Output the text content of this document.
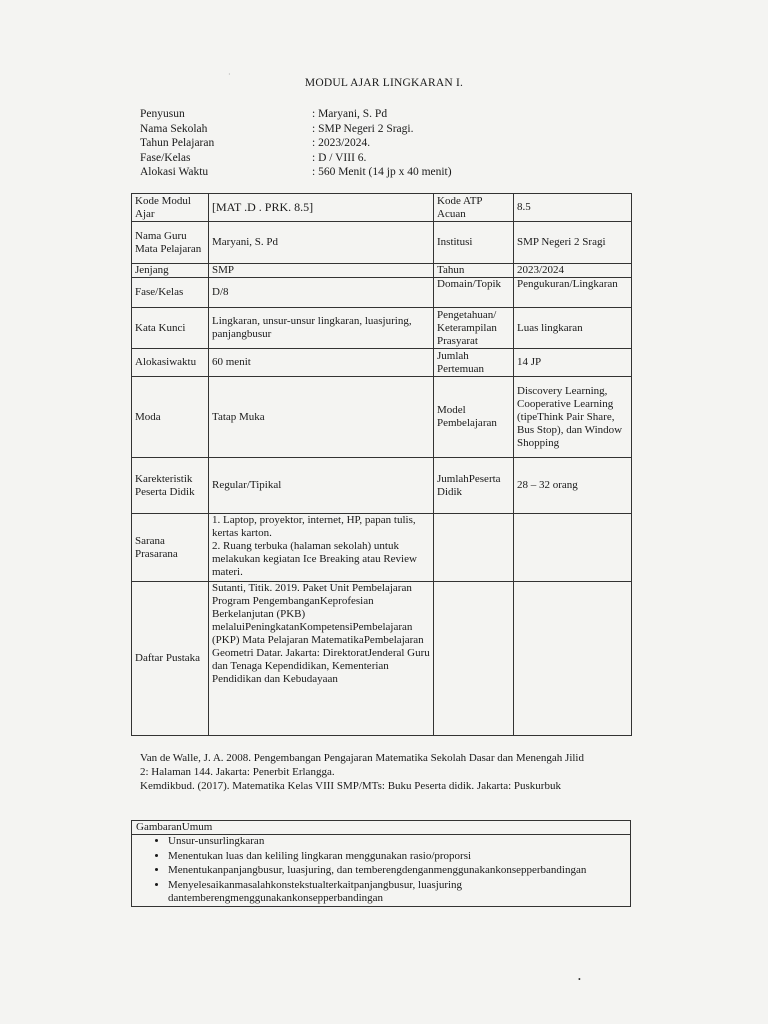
MODUL AJAR LINGKARAN I.
Penyusun	: Maryani, S. Pd
Nama Sekolah	: SMP Negeri 2 Sragi.
Tahun Pelajaran	: 2023/2024.
Fase/Kelas	: D / VIII 6.
Alokasi Waktu	: 560 Menit (14 jp x 40 menit)
Kode Modul Ajar	[MAT .D . PRK. 8.5]	Kode ATP Acuan	8.5
Nama Guru Mata Pelajaran	Maryani, S. Pd	Institusi	SMP Negeri 2 Sragi
Jenjang	SMP	Tahun	2023/2024
Fase/Kelas	D/8	Domain/Topik	Pengukuran/Lingkaran
Kata Kunci	Lingkaran, unsur-unsur lingkaran, luasjuring, panjangbusur	Pengetahuan/ Keterampilan Prasyarat	Luas lingkaran
Alokasiwaktu	60 menit	Jumlah Pertemuan	14 JP
Moda	Tatap Muka	Model Pembelajaran	Discovery Learning, Cooperative Learning (tipeThink Pair Share, Bus Stop), dan Window Shopping
Karekteristik Peserta Didik	Regular/Tipikal	JumlahPeserta Didik	28 – 32 orang
Sarana Prasarana	1. Laptop, proyektor, internet, HP, papan tulis, kertas karton.
2. Ruang terbuka (halaman sekolah) untuk melakukan kegiatan Ice Breaking atau Review materi.		

Daftar Pustaka	Sutanti, Titik. 2019. Paket Unit Pembelajaran Program PengembanganKeprofesian Berkelanjutan (PKB) melaluiPeningkatanKompetensiPembelajaran (PKP) Mata Pelajaran MatematikaPembelajaran Geometri Datar. Jakarta: DirektoratJenderal Guru dan Tenaga Kependidikan, Kementerian Pendidikan dan Kebudayaan		

Van de Walle, J. A. 2008. Pengembangan Pengajaran Matematika Sekolah Dasar dan Menengah Jilid 2: Halaman 144. Jakarta: Penerbit Erlangga.

Kemdikbud. (2017). Matematika Kelas VIII SMP/MTs: Buku Peserta didik. Jakarta: Puskurbuk

GambaranUmum

• Unsur-unsurlingkaran
• Menentukan luas dan keliling lingkaran menggunakan rasio/proporsi
• Menentukanpanjangbusur, luasjuring, dan temberengdenganmenggunakankonsepperbandingan
• Menyelesaikanmasalahkonstekstualterkaitpanjangbusur, luasjuring dantemberengmenggunakankonsepperbandingan
·
•
